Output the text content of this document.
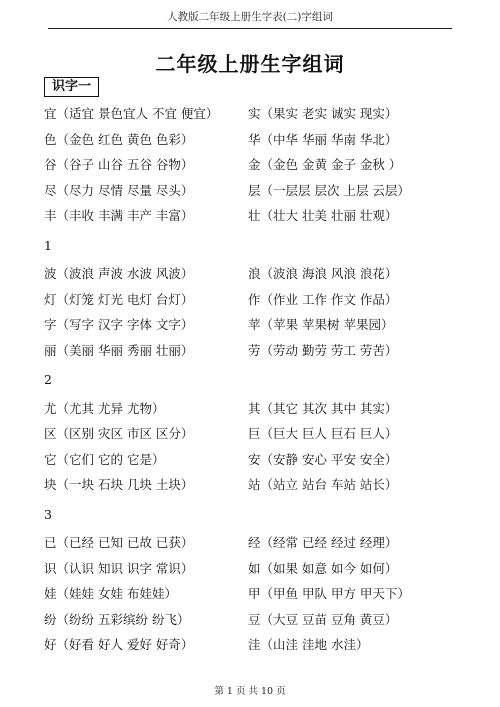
人教版二年级上册生字表(二)字组词
二年级上册生字组词
识字一
宜（适宜 景色宜人 不宜 便宜） 实（果实 老实 诚实 现实）
色（金色 红色 黄色 色彩）	华（中华 华丽 华南 华北）
谷（谷子 山谷 五谷 谷物）	金（金色 金黄 金子 金秋 ）
尽（尽力 尽情 尽量 尽头）	层（一层层 层次 上层 云层）
丰（丰收 丰满 丰产 丰富）	壮（壮大 壮美 壮丽 壮观）
1
波（波浪 声波 水波 风波）	浪（波浪 海浪 风浪 浪花）
灯（灯笼 灯光 电灯 台灯）	作（作业 工作 作文 作品）
字（写字 汉字 字体 文字）	苹（苹果 苹果树 苹果园）
丽（美丽 华丽 秀丽 壮丽）	劳（劳动 勤劳 劳工 劳苦）
2
尤（尤其 尤异 尤物）	其（其它 其次 其中 其实）
区（区别 灾区 市区 区分）	巨（巨大 巨人 巨石 巨人）
它（它们 它的 它是）	安（安静 安心 平安 安全）
块（一块 石块 几块 土块）	站（站立 站台 车站 站长）
3
已（已经 已知 已故 已获）	经（经常 已经 经过 经理）
识（认识 知识 识字 常识）	如（如果 如意 如今 如何）
娃（娃娃 女娃 布娃娃）	甲（甲鱼 甲队 甲方 甲天下）
纷（纷纷 五彩缤纷 纷飞）	豆（大豆 豆苗 豆角 黄豆）
好（好看 好人 爱好 好奇）	洼（山洼 洼地 水洼）
第 1 页 共 10 页
